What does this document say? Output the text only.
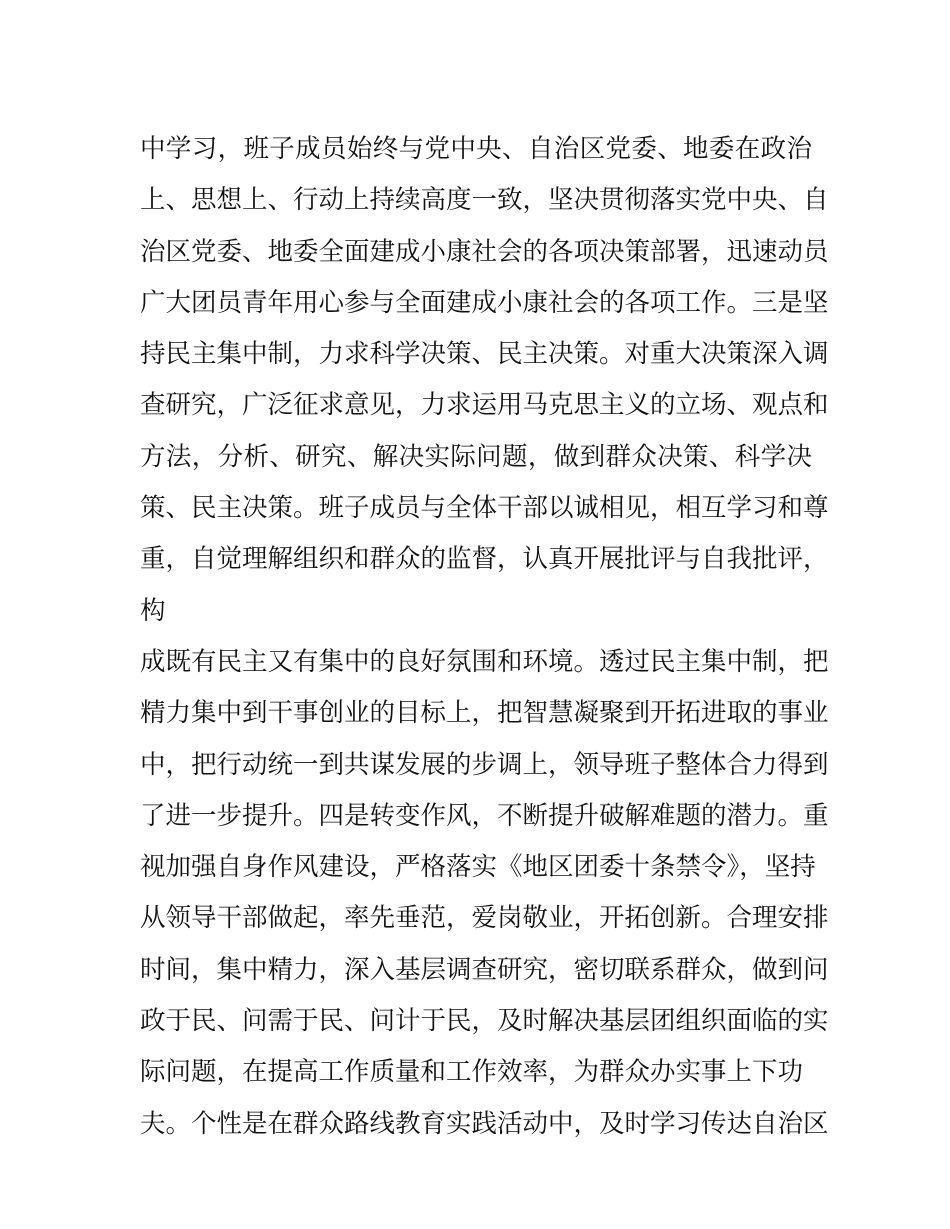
中学习，班子成员始终与党中央、自治区党委、地委在政治
上、思想上、行动上持续高度一致，坚决贯彻落实党中央、自
治区党委、地委全面建成小康社会的各项决策部署，迅速动员
广大团员青年用心参与全面建成小康社会的各项工作。三是坚
持民主集中制，力求科学决策、民主决策。对重大决策深入调
查研究，广泛征求意见，力求运用马克思主义的立场、观点和
方法，分析、研究、解决实际问题，做到群众决策、科学决
策、民主决策。班子成员与全体干部以诚相见，相互学习和尊
重，自觉理解组织和群众的监督，认真开展批评与自我批评，
构
成既有民主又有集中的良好氛围和环境。透过民主集中制，把
精力集中到干事创业的目标上，把智慧凝聚到开拓进取的事业
中，把行动统一到共谋发展的步调上，领导班子整体合力得到
了进一步提升。四是转变作风，不断提升破解难题的潜力。重
视加强自身作风建设，严格落实《地区团委十条禁令》，坚持
从领导干部做起，率先垂范，爱岗敬业，开拓创新。合理安排
时间，集中精力，深入基层调查研究，密切联系群众，做到问
政于民、问需于民、问计于民，及时解决基层团组织面临的实
际问题，在提高工作质量和工作效率，为群众办实事上下功
夫。个性是在群众路线教育实践活动中，及时学习传达自治区
